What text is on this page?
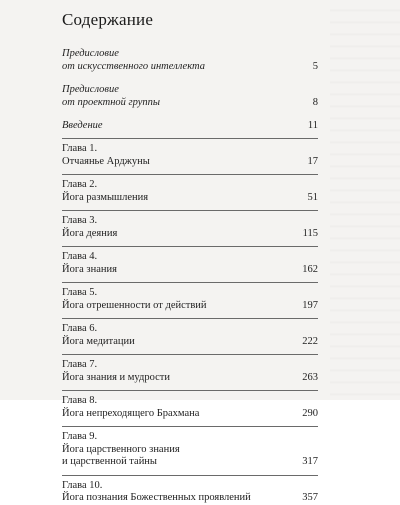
Содержание
Предисловие
от искусственного интеллекта	5
Предисловие
от проектной группы	8
Введение	11
Глава 1.
Отчаянье Арджуны	17
Глава 2.
Йога размышления	51
Глава 3.
Йога деяния	115
Глава 4.
Йога знания	162
Глава 5.
Йога отрешенности от действий	197
Глава 6.
Йога медитации	222
Глава 7.
Йога знания и мудрости	263
Глава 8.
Йога непреходящего Брахмана	290
Глава 9.
Йога царственного знания
и царственной тайны	317
Глава 10.
Йога познания Божественных проявлений	357
